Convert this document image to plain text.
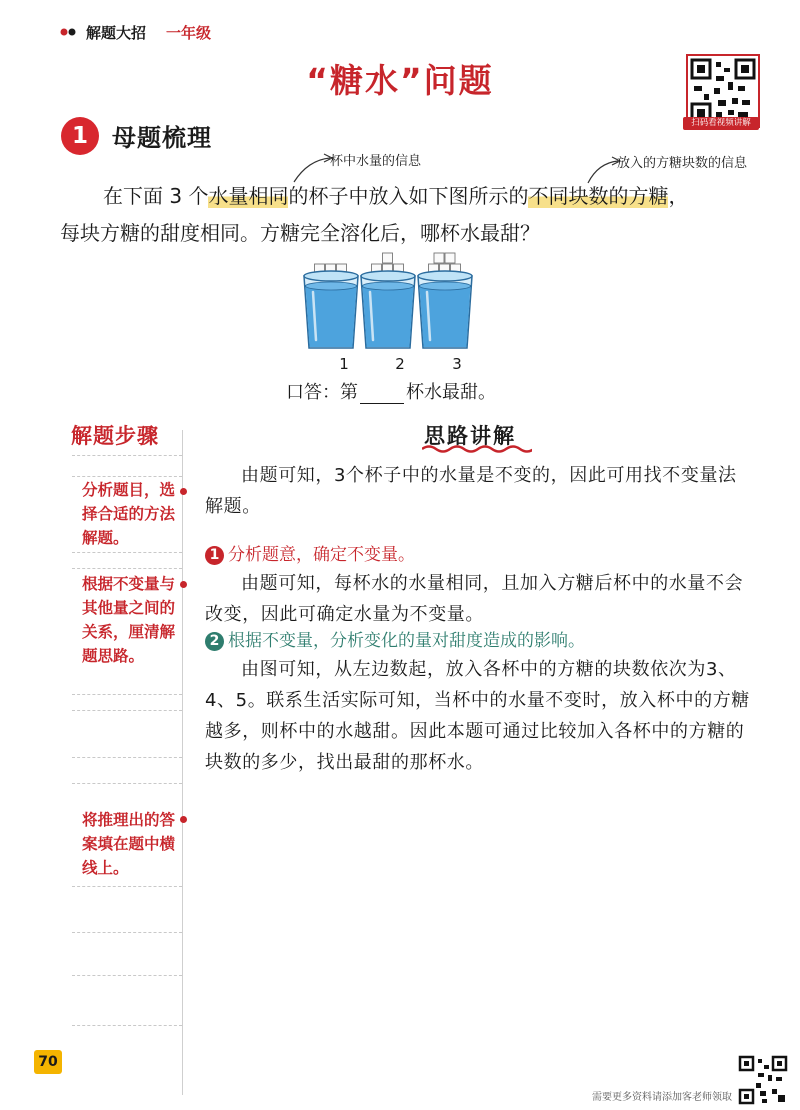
解题大招 一年级
“糖水”问题
扫码看视频讲解
1	母题梳理
杯中水量的信息	放入的方糖块数的信息
在下面 3 个水量相同的杯子中放入如下图所示的不同块数的方糖，
每块方糖的甜度相同。方糖完全溶化后，哪杯水最甜？
1	2	3
口答：第	杯水最甜。
解题步骤
分析题目，选择合适的方法解题。
根据不变量与其他量之间的关系，厘清解题思路。
将推理出的答案填在题中横线上。
思路讲解
由题可知，3个杯子中的水量是不变的，因此可用找不变量法解题。
1 分析题意，确定不变量。
由题可知，每杯水的水量相同，且加入方糖后杯中的水量不会改变，因此可确定水量为不变量。
2 根据不变量，分析变化的量对甜度造成的影响。
由图可知，从左边数起，放入各杯中的方糖的块数依次为3、4、5。联系生活实际可知，当杯中的水量不变时，放入杯中的方糖越多，则杯中的水越甜。因此本题可通过比较加入各杯中的方糖的块数的多少，找出最甜的那杯水。
70
需要更多资料请添加客老师领取
